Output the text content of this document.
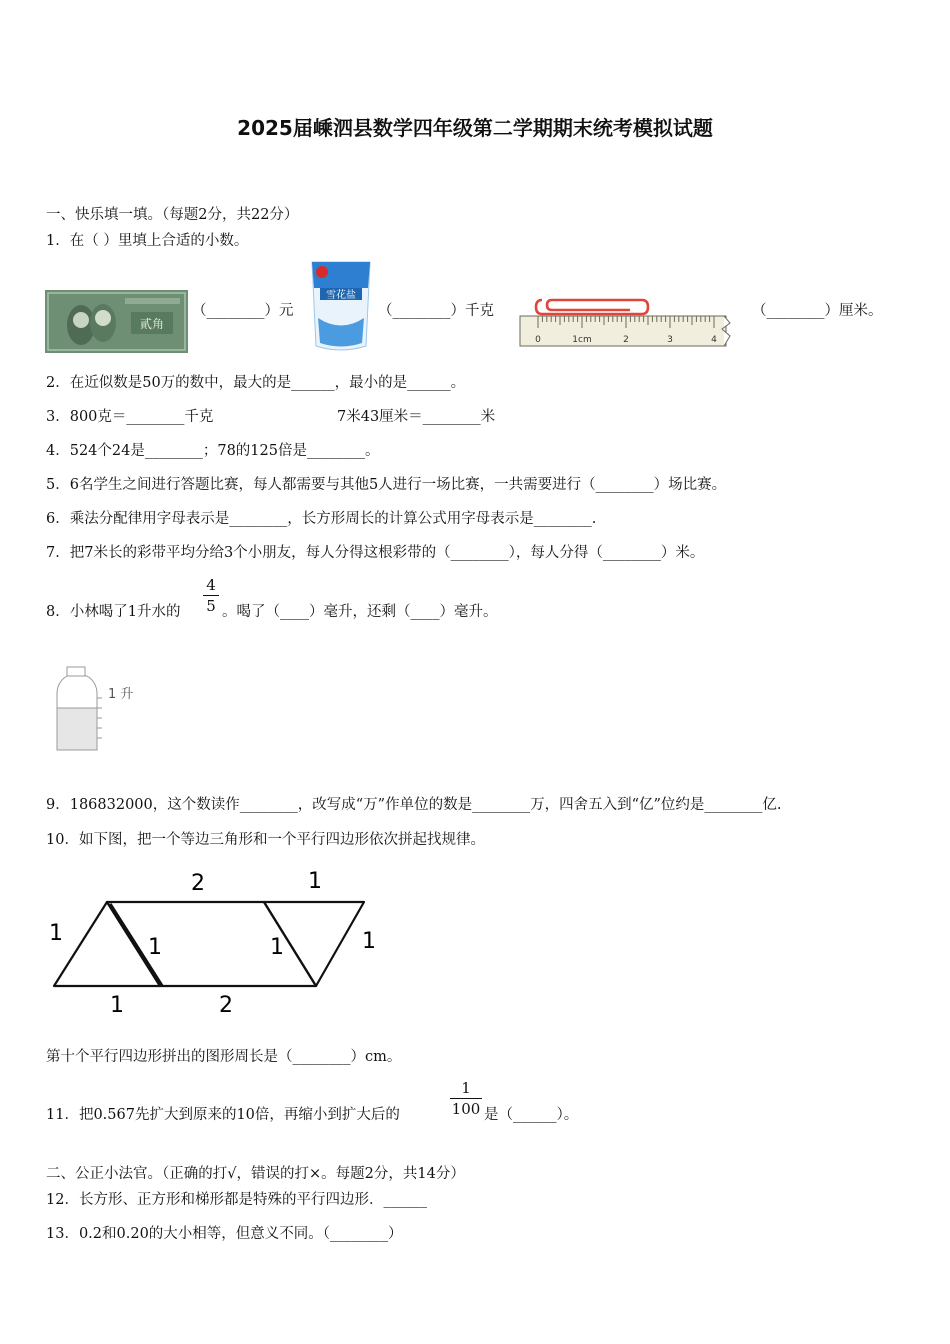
2025届嵊泗县数学四年级第二学期期末统考模拟试题
一、快乐填一填。（每题2分，共22分）
1．在（ ）里填上合适的小数。
貳角
（________）元
雪花盐
（________）千克
0	1cm	2	3	4
（________）厘米。
2．在近似数是50万的数中，最大的是______，最小的是______。
3．800克＝________千克	7米43厘米＝________米
4．524个24是________；78的125倍是________。
5．6名学生之间进行答题比赛，每人都需要与其他5人进行一场比赛，一共需要进行（________）场比赛。
6．乘法分配律用字母表示是________，长方形周长的计算公式用字母表示是________.
7．把7米长的彩带平均分给3个小朋友，每人分得这根彩带的（________），每人分得（________）米。
8．小林喝了1升水的
4
5 。喝了（____）毫升，还剩（____）毫升。
1 升
9．186832000，这个数读作________，改写成“万”作单位的数是________万，四舍五入到“亿”位约是________亿.
10．如下图，把一个等边三角形和一个平行四边形依次拼起找规律。
2	1
1
1	1	1
1	2
第十个平行四边形拼出的图形周长是（________）cm。
11．把0.567先扩大到原来的10倍，再缩小到扩大后的
1
100 是（______）。
二、公正小法官。（正确的打√，错误的打×。每题2分，共14分）
12．长方形、正方形和梯形都是特殊的平行四边形．______
13．0.2和0.20的大小相等，但意义不同。（________）
